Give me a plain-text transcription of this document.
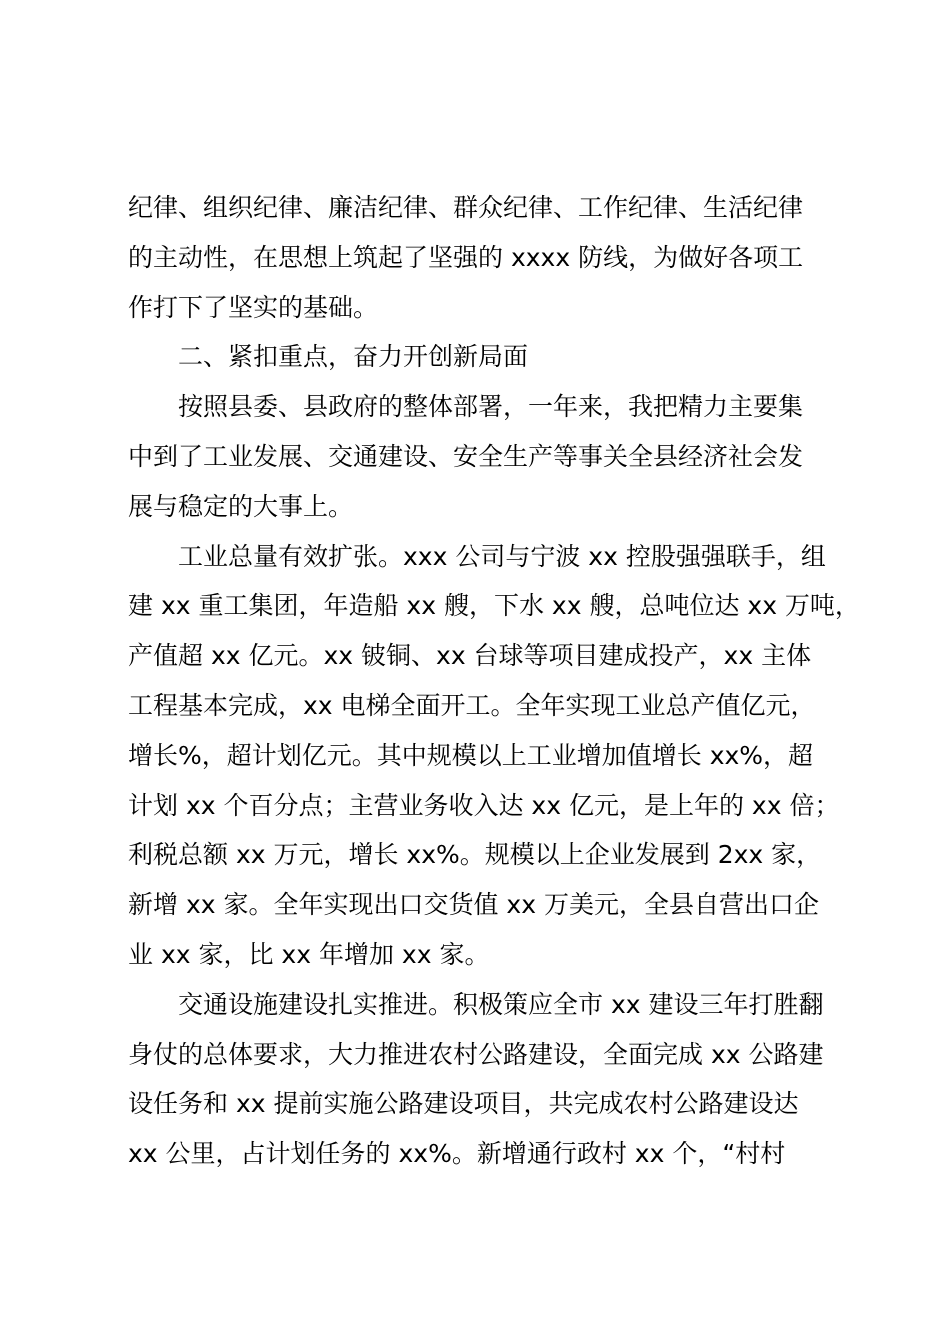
纪律、组织纪律、廉洁纪律、群众纪律、工作纪律、生活纪律
的主动性，在思想上筑起了坚强的 xxxx 防线，为做好各项工
作打下了坚实的基础。
二、紧扣重点，奋力开创新局面
按照县委、县政府的整体部署，一年来，我把精力主要集
中到了工业发展、交通建设、安全生产等事关全县经济社会发
展与稳定的大事上。
工业总量有效扩张。xxx 公司与宁波 xx 控股强强联手，组
建 xx 重工集团，年造船 xx 艘，下水 xx 艘，总吨位达 xx 万吨，
产值超 xx 亿元。xx 铍铜、xx 台球等项目建成投产，xx 主体
工程基本完成，xx 电梯全面开工。全年实现工业总产值亿元，
增长%，超计划亿元。其中规模以上工业增加值增长 xx%，超
计划 xx 个百分点；主营业务收入达 xx 亿元，是上年的 xx 倍；
利税总额 xx 万元，增长 xx%。规模以上企业发展到 2xx 家，
新增 xx 家。全年实现出口交货值 xx 万美元，全县自营出口企
业 xx 家，比 xx 年增加 xx 家。
交通设施建设扎实推进。积极策应全市 xx 建设三年打胜翻
身仗的总体要求，大力推进农村公路建设，全面完成 xx 公路建
设任务和 xx 提前实施公路建设项目，共完成农村公路建设达
xx 公里，占计划任务的 xx%。新增通行政村 xx 个，“村村
